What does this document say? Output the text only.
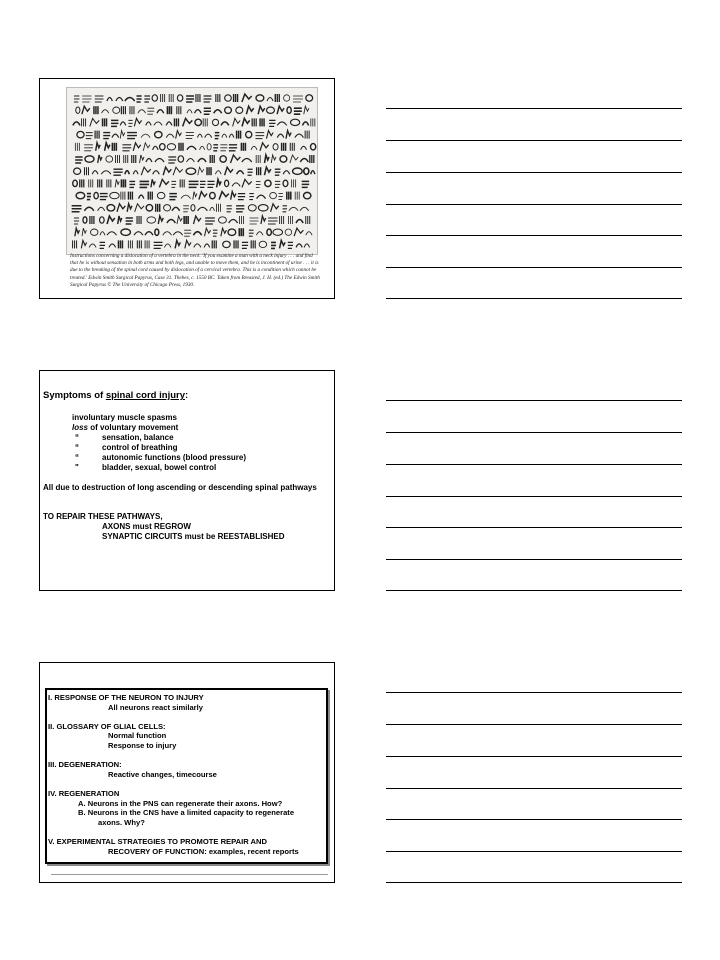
Instructions concerning a dislocation of a vertebra in the neck. 'If you examine a man with a neck injury . . . and find that he is without sensation in both arms and both legs, and unable to move them, and he is incontinent of urine . . . it is due to the breaking of the spinal cord caused by dislocation of a cervical vertebra. This is a condition which cannot be treated.' Edwin Smith Surgical Papyrus, Case 31. Thebes, c. 1550 BC. Taken from Breasted, J. H. (ed.) The Edwin Smith Surgical Papyrus © The University of Chicago Press, 1930.
Symptoms of spinal cord injury:
involuntary muscle spasms
loss of voluntary movement
“	sensation, balance
“	control of breathing
“	autonomic functions (blood pressure)
"	bladder, sexual, bowel control
All due to destruction of long ascending or descending spinal pathways
TO REPAIR THESE PATHWAYS,
AXONS must REGROW
SYNAPTIC CIRCUITS must be REESTABLISHED
I. RESPONSE OF THE NEURON TO INJURY
All neurons react similarly
II. GLOSSARY OF GLIAL CELLS:
Normal function
Response to injury
III. DEGENERATION:
Reactive changes, timecourse
IV. REGENERATION
A. Neurons in the PNS can regenerate their axons. How?
B. Neurons in the CNS have a limited capacity to regenerate
axons. Why?
V. EXPERIMENTAL STRATEGIES TO PROMOTE REPAIR AND
RECOVERY OF FUNCTION: examples, recent reports
